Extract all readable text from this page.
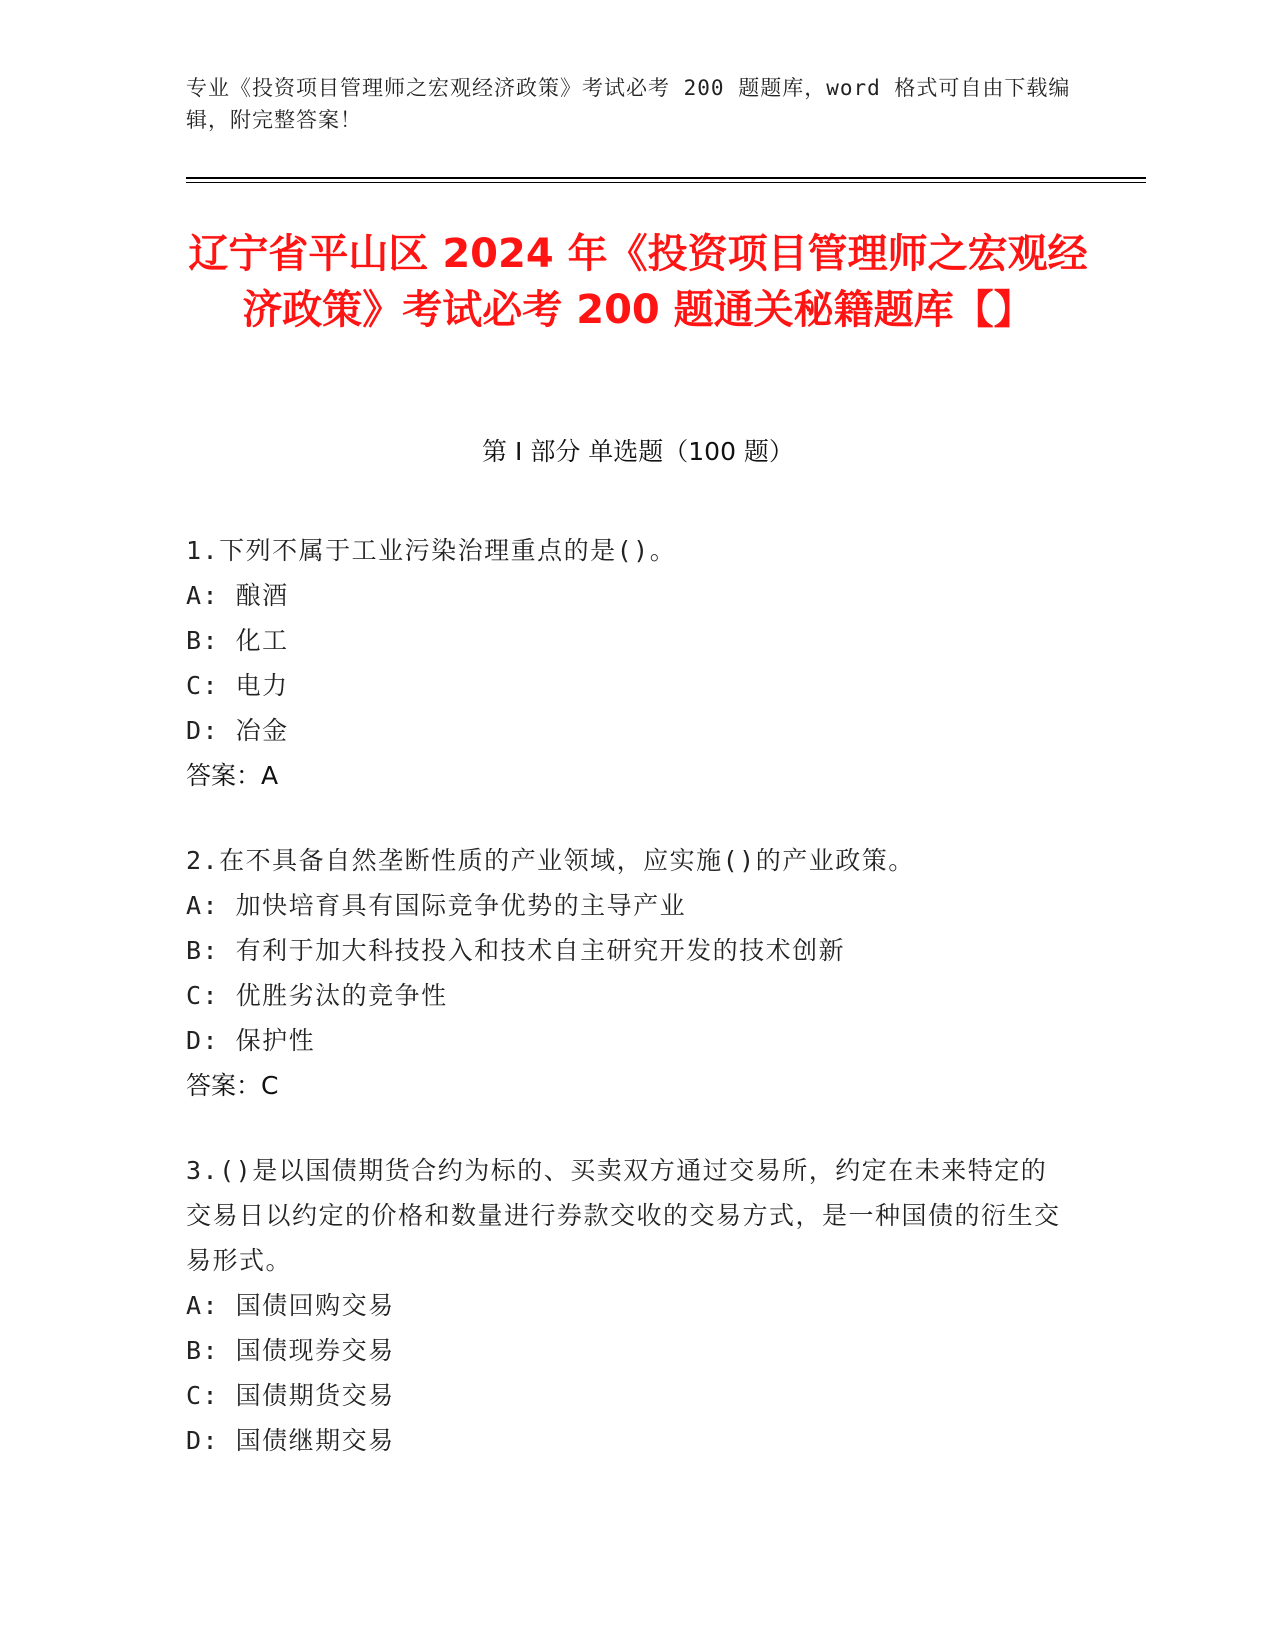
专业《投资项目管理师之宏观经济政策》考试必考 200 题题库，word 格式可自由下载编辑，附完整答案！
辽宁省平山区 2024 年《投资项目管理师之宏观经济政策》考试必考 200 题通关秘籍题库【】
第 I 部分 单选题（100 题）
1.下列不属于工业污染治理重点的是()。
A: 酿酒
B: 化工
C: 电力
D: 冶金
答案：A
2.在不具备自然垄断性质的产业领域，应实施()的产业政策。
A: 加快培育具有国际竞争优势的主导产业
B: 有利于加大科技投入和技术自主研究开发的技术创新
C: 优胜劣汰的竞争性
D: 保护性
答案：C
3.()是以国债期货合约为标的、买卖双方通过交易所，约定在未来特定的交易日以约定的价格和数量进行券款交收的交易方式，是一种国债的衍生交易形式。
A: 国债回购交易
B: 国债现券交易
C: 国债期货交易
D: 国债继期交易
